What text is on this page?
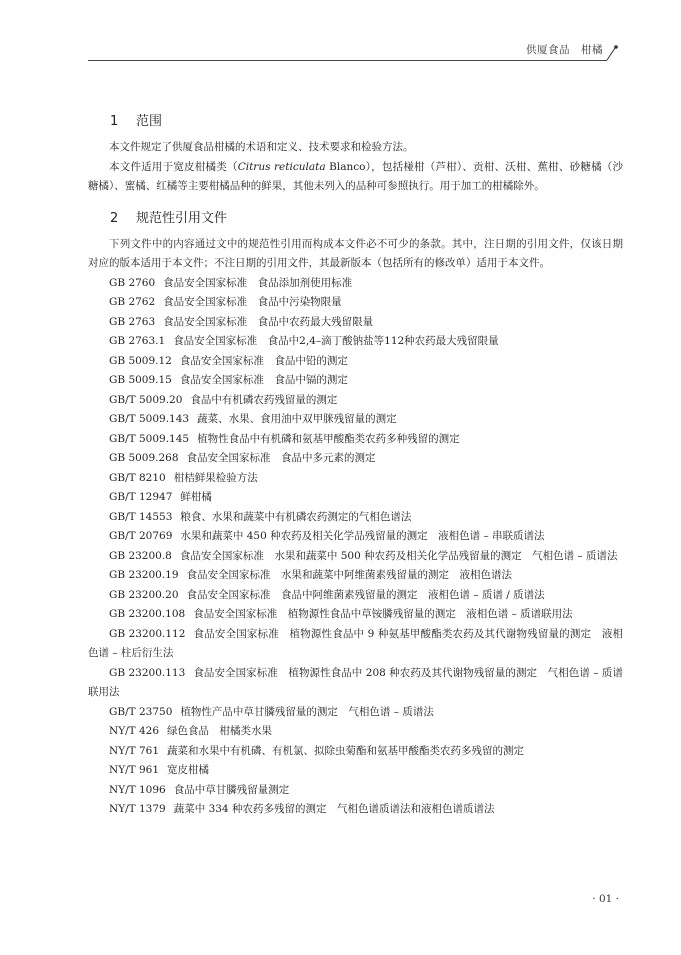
供厦食品　柑橘
1 范围

本文件规定了供厦食品柑橘的术语和定义、技术要求和检验方法。

本文件适用于宽皮柑橘类（Citrus reticulata Blanco），包括椪柑（芦柑）、贡柑、沃柑、蕉柑、砂糖橘（沙糖橘）、蜜橘、红橘等主要柑橘品种的鲜果，其他未列入的品种可参照执行。用于加工的柑橘除外。

2 规范性引用文件

下列文件中的内容通过文中的规范性引用而构成本文件必不可少的条款。其中，注日期的引用文件，仅该日期对应的版本适用于本文件；不注日期的引用文件，其最新版本（包括所有的修改单）适用于本文件。

GB 2760 食品安全国家标准　食品添加剂使用标准

GB 2762 食品安全国家标准　食品中污染物限量

GB 2763 食品安全国家标准　食品中农药最大残留限量

GB 2763.1 食品安全国家标准　食品中2,4–滴丁酸钠盐等112种农药最大残留限量

GB 5009.12 食品安全国家标准　食品中铅的测定

GB 5009.15 食品安全国家标准　食品中镉的测定

GB/T 5009.20 食品中有机磷农药残留量的测定

GB/T 5009.143 蔬菜、水果、食用油中双甲脒残留量的测定

GB/T 5009.145 植物性食品中有机磷和氨基甲酸酯类农药多种残留的测定

GB 5009.268 食品安全国家标准　食品中多元素的测定

GB/T 8210 柑桔鲜果检验方法

GB/T 12947 鲜柑橘

GB/T 14553 粮食、水果和蔬菜中有机磷农药测定的气相色谱法

GB/T 20769 水果和蔬菜中 450 种农药及相关化学品残留量的测定　液相色谱 – 串联质谱法

GB 23200.8 食品安全国家标准　水果和蔬菜中 500 种农药及相关化学品残留量的测定　气相色谱 – 质谱法

GB 23200.19 食品安全国家标准　水果和蔬菜中阿维菌素残留量的测定　液相色谱法

GB 23200.20 食品安全国家标准　食品中阿维菌素残留量的测定　液相色谱 – 质谱 / 质谱法

GB 23200.108 食品安全国家标准　植物源性食品中草铵膦残留量的测定　液相色谱 – 质谱联用法

GB 23200.112 食品安全国家标准　植物源性食品中 9 种氨基甲酸酯类农药及其代谢物残留量的测定　液相色谱 – 柱后衍生法

GB 23200.113 食品安全国家标准　植物源性食品中 208 种农药及其代谢物残留量的测定　气相色谱 – 质谱联用法

GB/T 23750 植物性产品中草甘膦残留量的测定　气相色谱 – 质谱法

NY/T 426 绿色食品　柑橘类水果

NY/T 761 蔬菜和水果中有机磷、有机氯、拟除虫菊酯和氨基甲酸酯类农药多残留的测定

NY/T 961 宽皮柑橘

NY/T 1096 食品中草甘膦残留量测定

NY/T 1379 蔬菜中 334 种农药多残留的测定　气相色谱质谱法和液相色谱质谱法

· 01 ·
